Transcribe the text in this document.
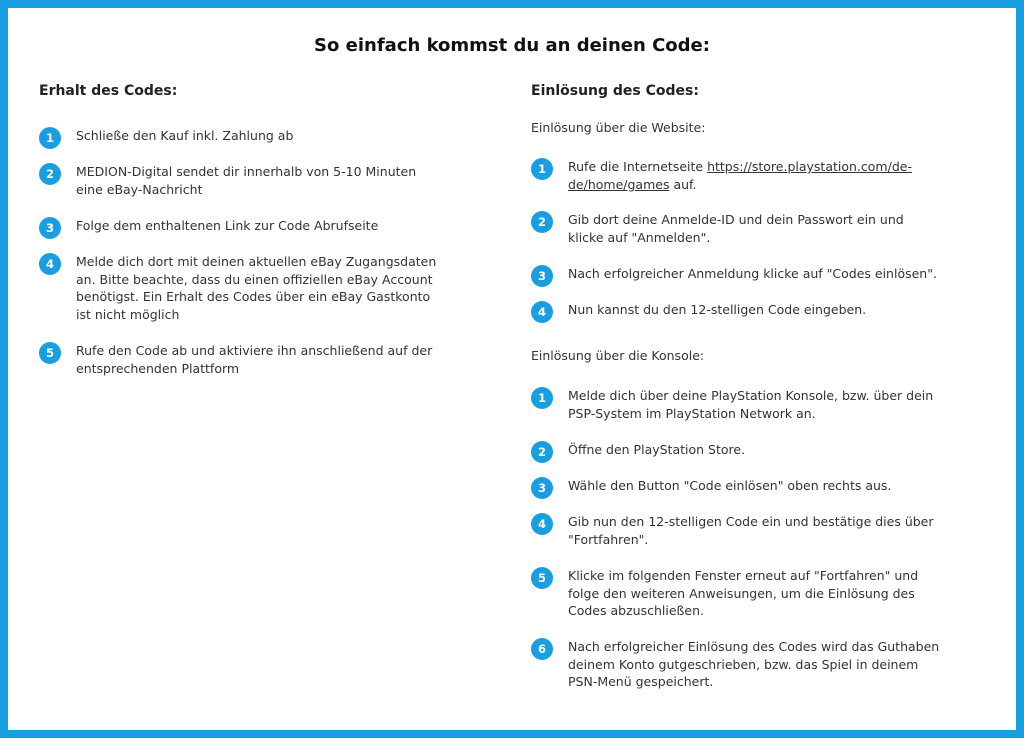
So einfach kommst du an deinen Code:
Erhalt des Codes:
1	Schließe den Kauf inkl. Zahlung ab
2	MEDION-Digital sendet dir innerhalb von 5-10 Minuten eine eBay-Nachricht
3	Folge dem enthaltenen Link zur Code Abrufseite
4	Melde dich dort mit deinen aktuellen eBay Zugangsdaten an. Bitte beachte, dass du einen offiziellen eBay Account benötigst. Ein Erhalt des Codes über ein eBay Gastkonto ist nicht möglich
5	Rufe den Code ab und aktiviere ihn anschließend auf der entsprechenden Plattform
Einlösung des Codes:
Einlösung über die Website:
1	Rufe die Internetseite https://store.playstation.com/de-de/home/games auf.
2	Gib dort deine Anmelde-ID und dein Passwort ein und klicke auf "Anmelden".
3	Nach erfolgreicher Anmeldung klicke auf "Codes einlösen".
4	Nun kannst du den 12-stelligen Code eingeben.
Einlösung über die Konsole:
1	Melde dich über deine PlayStation Konsole, bzw. über dein PSP-System im PlayStation Network an.
2	Öffne den PlayStation Store.
3	Wähle den Button "Code einlösen" oben rechts aus.
4	Gib nun den 12-stelligen Code ein und bestätige dies über "Fortfahren".
5	Klicke im folgenden Fenster erneut auf "Fortfahren" und folge den weiteren Anweisungen, um die Einlösung des Codes abzuschließen.
6	Nach erfolgreicher Einlösung des Codes wird das Guthaben deinem Konto gutgeschrieben, bzw. das Spiel in deinem PSN-Menü gespeichert.
